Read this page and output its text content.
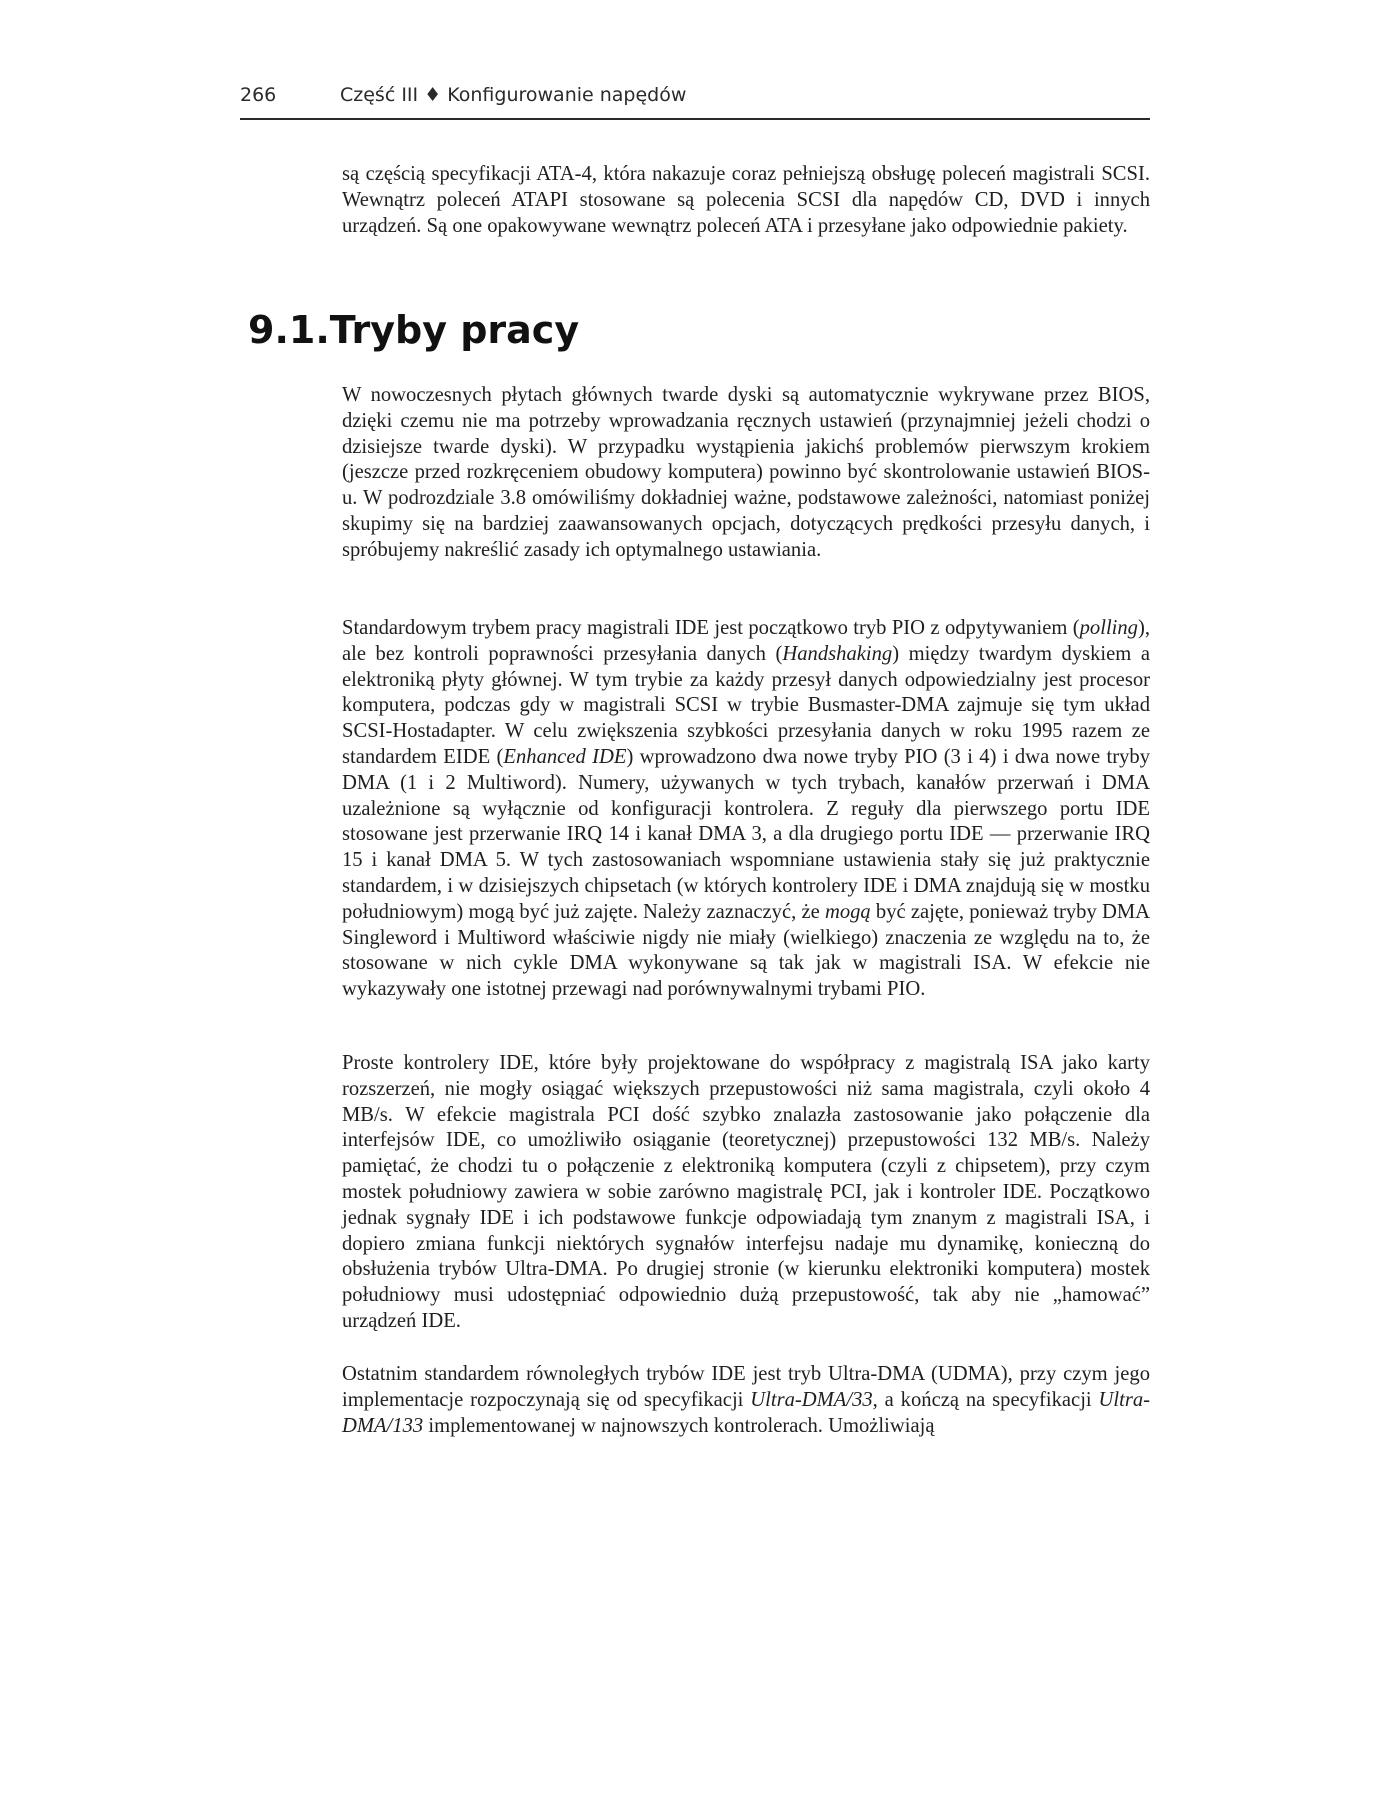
266	Część III ♦ Konfigurowanie napędów

są częścią specyfikacji ATA-4, która nakazuje coraz pełniejszą obsługę poleceń magistrali SCSI. Wewnątrz poleceń ATAPI stosowane są polecenia SCSI dla napędów CD, DVD i innych urządzeń. Są one opakowywane wewnątrz poleceń ATA i przesyłane jako odpowiednie pakiety.

9.1.Tryby pracy

W nowoczesnych płytach głównych twarde dyski są automatycznie wykrywane przez BIOS, dzięki czemu nie ma potrzeby wprowadzania ręcznych ustawień (przynajmniej jeżeli chodzi o dzisiejsze twarde dyski). W przypadku wystąpienia jakichś problemów pierwszym krokiem (jeszcze przed rozkręceniem obudowy komputera) powinno być skontrolowanie ustawień BIOS-u. W podrozdziale 3.8 omówiliśmy dokładniej ważne, podstawowe zależności, natomiast poniżej skupimy się na bardziej zaawansowanych opcjach, dotyczących prędkości przesyłu danych, i spróbujemy nakreślić zasady ich optymalnego ustawiania.

Standardowym trybem pracy magistrali IDE jest początkowo tryb PIO z odpytywaniem (polling), ale bez kontroli poprawności przesyłania danych (Handshaking) między twardym dyskiem a elektroniką płyty głównej. W tym trybie za każdy przesył danych odpowiedzialny jest procesor komputera, podczas gdy w magistrali SCSI w trybie Busmaster-DMA zajmuje się tym układ SCSI-Hostadapter. W celu zwiększenia szybkości przesyłania danych w roku 1995 razem ze standardem EIDE (Enhanced IDE) wprowadzono dwa nowe tryby PIO (3 i 4) i dwa nowe tryby DMA (1 i 2 Multiword). Numery, używanych w tych trybach, kanałów przerwań i DMA uzależnione są wyłącznie od konfiguracji kontrolera. Z reguły dla pierwszego portu IDE stosowane jest przerwanie IRQ 14 i kanał DMA 3, a dla drugiego portu IDE — przerwanie IRQ 15 i kanał DMA 5. W tych zastosowaniach wspomniane ustawienia stały się już praktycznie standardem, i w dzisiejszych chipsetach (w których kontrolery IDE i DMA znajdują się w mostku południowym) mogą być już zajęte. Należy zaznaczyć, że mogą być zajęte, ponieważ tryby DMA Singleword i Multiword właściwie nigdy nie miały (wielkiego) znaczenia ze względu na to, że stosowane w nich cykle DMA wykonywane są tak jak w magistrali ISA. W efekcie nie wykazywały one istotnej przewagi nad porównywalnymi trybami PIO.

Proste kontrolery IDE, które były projektowane do współpracy z magistralą ISA jako karty rozszerzeń, nie mogły osiągać większych przepustowości niż sama magistrala, czyli około 4 MB/s. W efekcie magistrala PCI dość szybko znalazła zastosowanie jako połączenie dla interfejsów IDE, co umożliwiło osiąganie (teoretycznej) przepustowości 132 MB/s. Należy pamiętać, że chodzi tu o połączenie z elektroniką komputera (czyli z chipsetem), przy czym mostek południowy zawiera w sobie zarówno magistralę PCI, jak i kontroler IDE. Początkowo jednak sygnały IDE i ich podstawowe funkcje odpowiadają tym znanym z magistrali ISA, i dopiero zmiana funkcji niektórych sygnałów interfejsu nadaje mu dynamikę, konieczną do obsłużenia trybów Ultra-DMA. Po drugiej stronie (w kierunku elektroniki komputera) mostek południowy musi udostępniać odpowiednio dużą przepustowość, tak aby nie „hamować” urządzeń IDE.

Ostatnim standardem równoległych trybów IDE jest tryb Ultra-DMA (UDMA), przy czym jego implementacje rozpoczynają się od specyfikacji Ultra-DMA/33, a kończą na specyfikacji Ultra-DMA/133 implementowanej w najnowszych kontrolerach. Umożliwiają
